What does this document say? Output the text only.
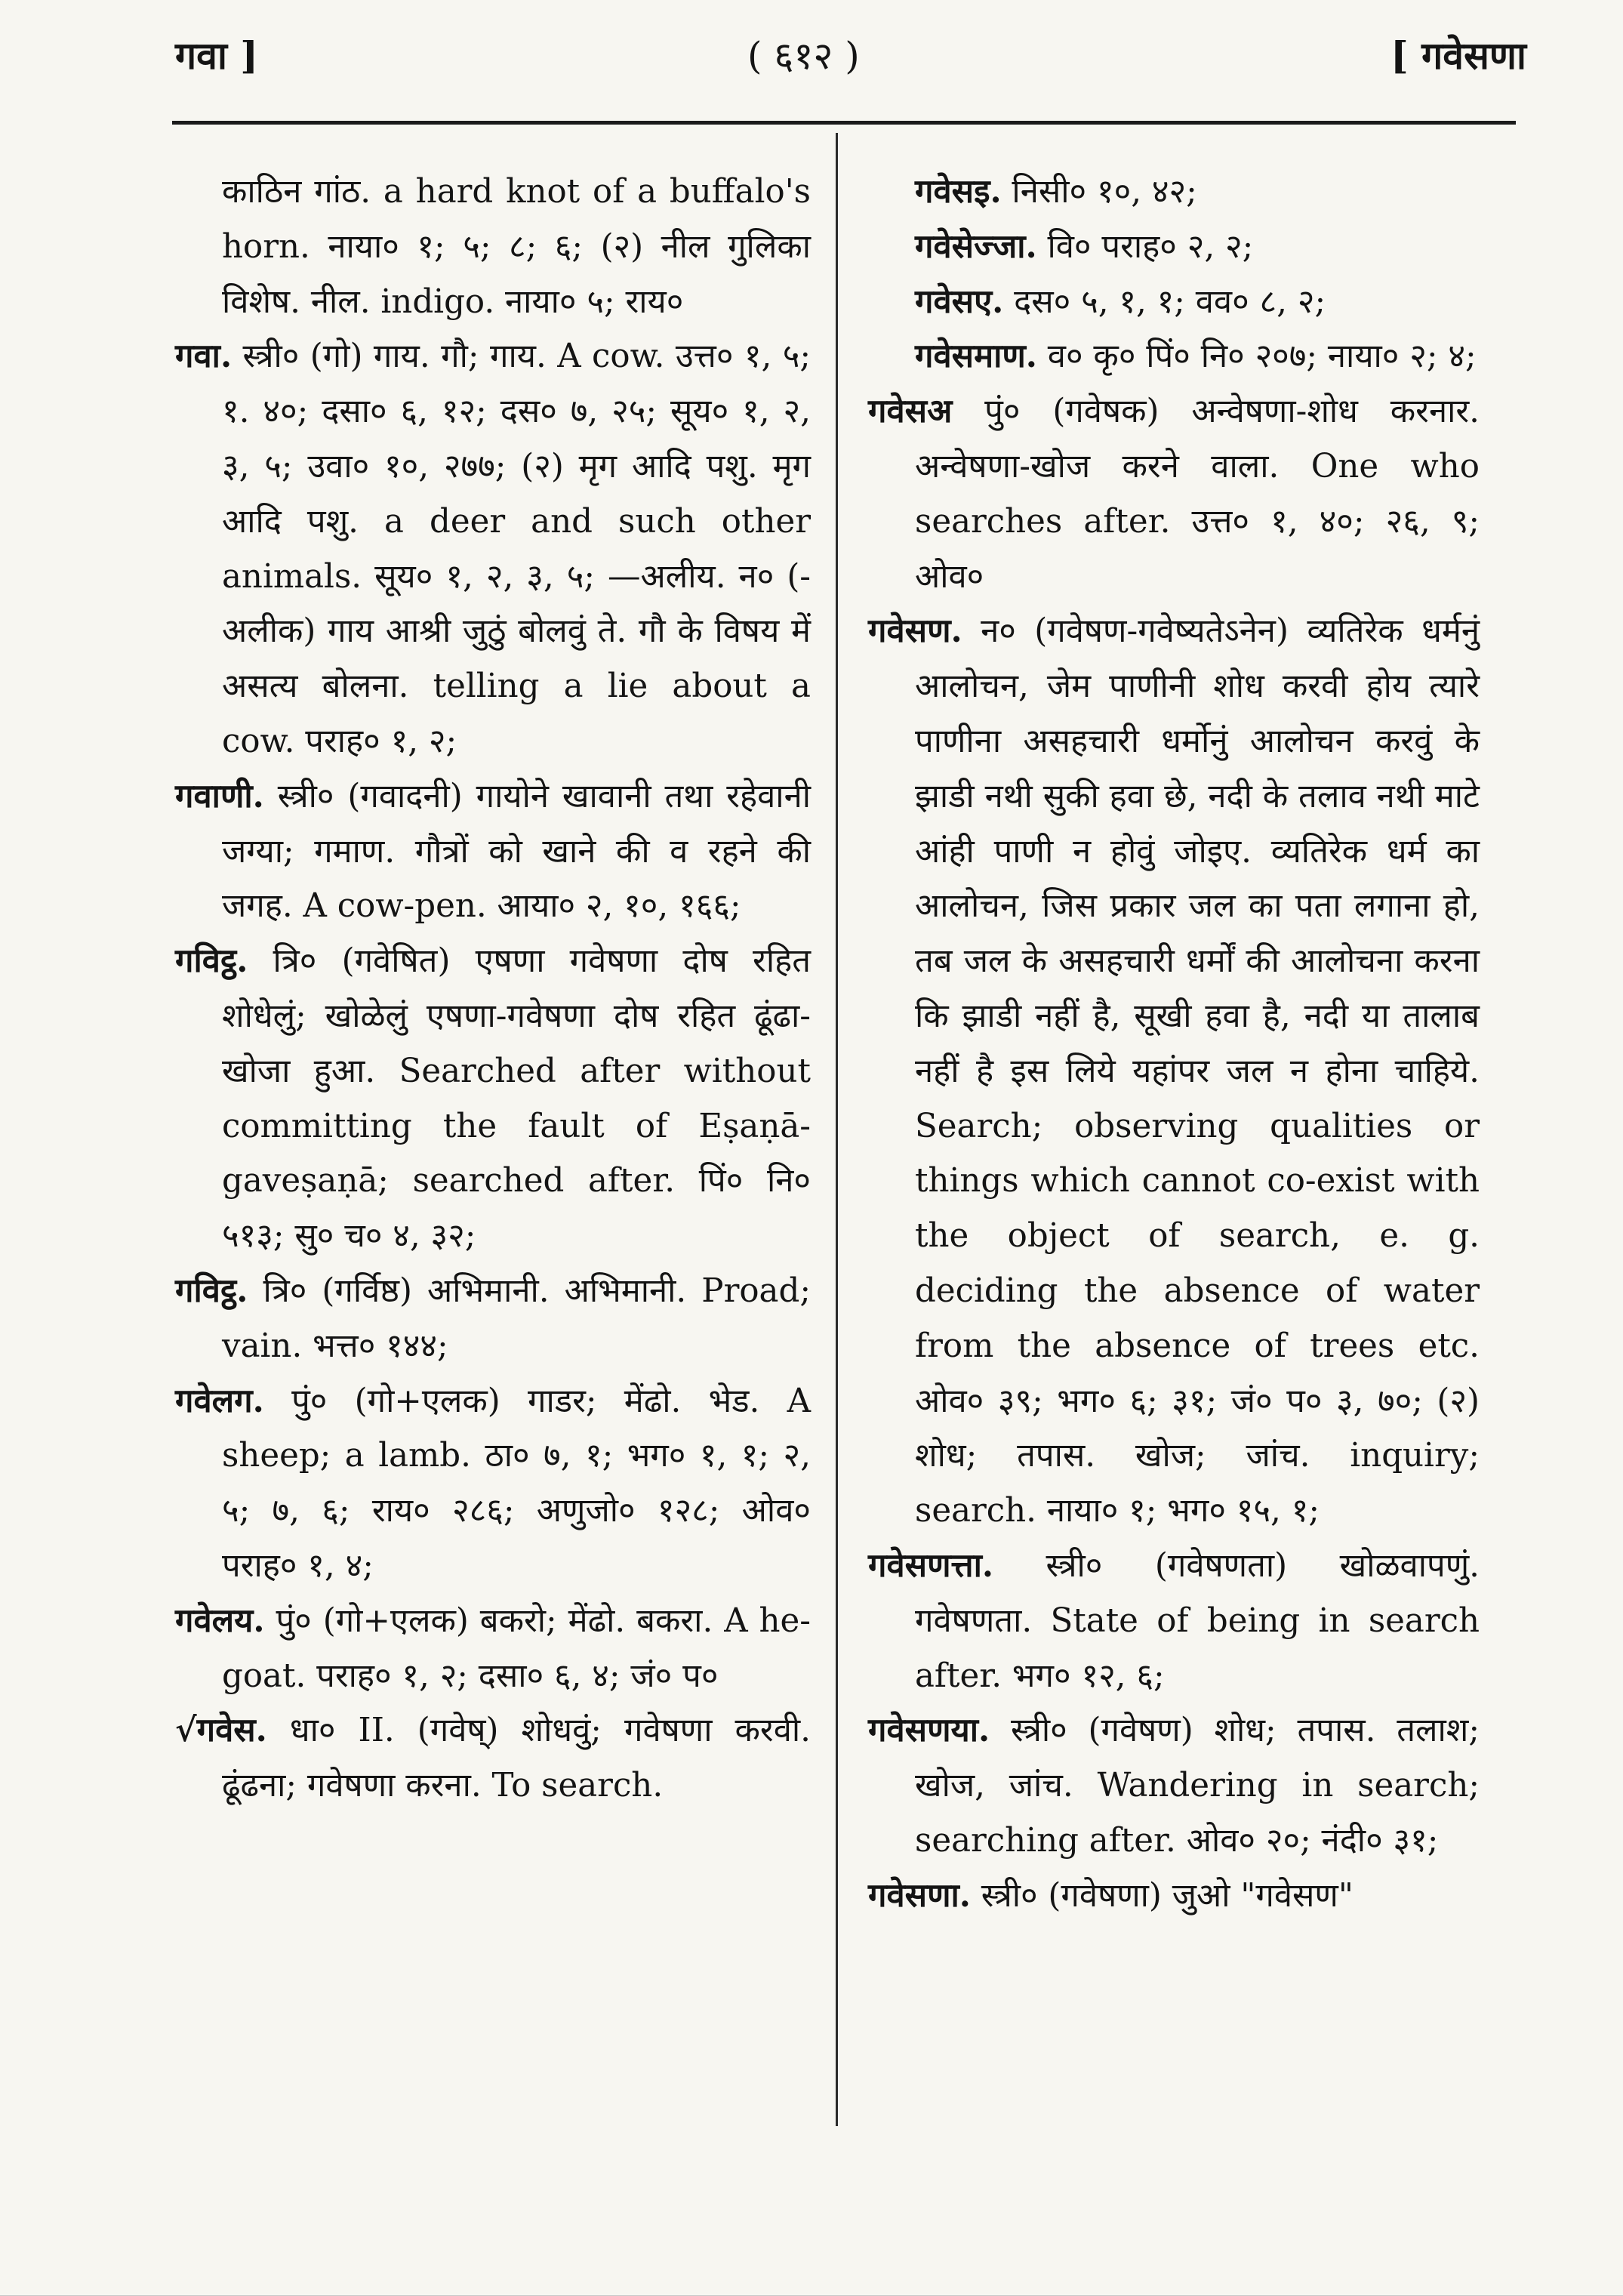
गवा ]	( ६१२ )	[ गवेसणा

काठिन गांठ. a hard knot of a buffalo's horn. नाया० १; ५; ८; ६; (२) नील गुलिका विशेष. नील. indigo. नाया० ५; राय०

गवा. स्त्री० (गो) गाय. गौ; गाय. A cow. उत्त० १, ५; १. ४०; दसा० ६, १२; दस० ७, २५; सूय० १, २, ३, ५; उवा० १०, २७७; (२) मृग आदि पशु. मृग आदि पशु. a deer and such other animals. सूय० १, २, ३, ५; —अलीय. न० (-अलीक) गाय आश्री जुठुं बोलवुं ते. गौ के विषय में असत्य बोलना. telling a lie about a cow. पराह० १, २;

गवाणी. स्त्री० (गवादनी) गायोने खावानी तथा रहेवानी जग्या; गमाण. गौत्रों को खाने की व रहने की जगह. A cow-pen. आया० २, १०, १६६;

गविट्ठ. त्रि० (गवेषित) एषणा गवेषणा दोष रहित शोधेलुं; खोळेलुं एषणा-गवेषणा दोष रहित ढूंढा-खोजा हुआ. Searched after without committing the fault of Eṣaṇā-gaveṣaṇā; searched after. पिं० नि० ५१३; सु० च० ४, ३२;

गविट्ठ. त्रि० (गर्विष्ठ) अभिमानी. अभिमानी. Proad; vain. भत्त० १४४;

गवेलग. पुं० (गो+एलक) गाडर; मेंढो. भेड. A sheep; a lamb. ठा० ७, १; भग० १, १; २, ५; ७, ६; राय० २८६; अणुजो० १२८; ओव० पराह० १, ४;

गवेलय. पुं० (गो+एलक) बकरो; मेंढो. बकरा. A he-goat. पराह० १, २; दसा० ६, ४; जं० प०

√गवेस. धा० II. (गवेष्) शोधवुं; गवेषणा करवी. ढूंढना; गवेषणा करना. To search.

गवेसइ. निसी० १०, ४२;

गवेसेज्जा. वि० पराह० २, २;

गवेसए. दस० ५, १, १; वव० ८, २;

गवेसमाण. व० कृ० पिं० नि० २०७; नाया० २; ४;

गवेसअ पुं० (गवेषक) अन्वेषणा-शोध करनार. अन्वेषणा-खोज करने वाला. One who searches after. उत्त० १, ४०; २६, ९; ओव०

गवेसण. न० (गवेषण-गवेष्यतेऽनेन) व्यतिरेक धर्मनुं आलोचन, जेम पाणीनी शोध करवी होय त्यारे पाणीना असहचारी धर्मोनुं आलोचन करवुं के झाडी नथी सुकी हवा छे, नदी के तलाव नथी माटे आंही पाणी न होवुं जोइए. व्यतिरेक धर्म का आलोचन, जिस प्रकार जल का पता लगाना हो, तब जल के असहचारी धर्मों की आलोचना करना कि झाडी नहीं है, सूखी हवा है, नदी या तालाब नहीं है इस लिये यहांपर जल न होना चाहिये. Search; observing qualities or things which cannot co-exist with the object of search, e. g. deciding the absence of water from the absence of trees etc. ओव० ३९; भग० ६; ३१; जं० प० ३, ७०; (२) शोध; तपास. खोज; जांच. inquiry; search. नाया० १; भग० १५, १;

गवेसणत्ता. स्त्री० (गवेषणता) खोळवापणुं. गवेषणता. State of being in search after. भग० १२, ६;

गवेसणया. स्त्री० (गवेषण) शोध; तपास. तलाश; खोज, जांच. Wandering in search; searching after. ओव० २०; नंदी० ३१;

गवेसणा. स्त्री० (गवेषणा) जुओ "गवेसण"
